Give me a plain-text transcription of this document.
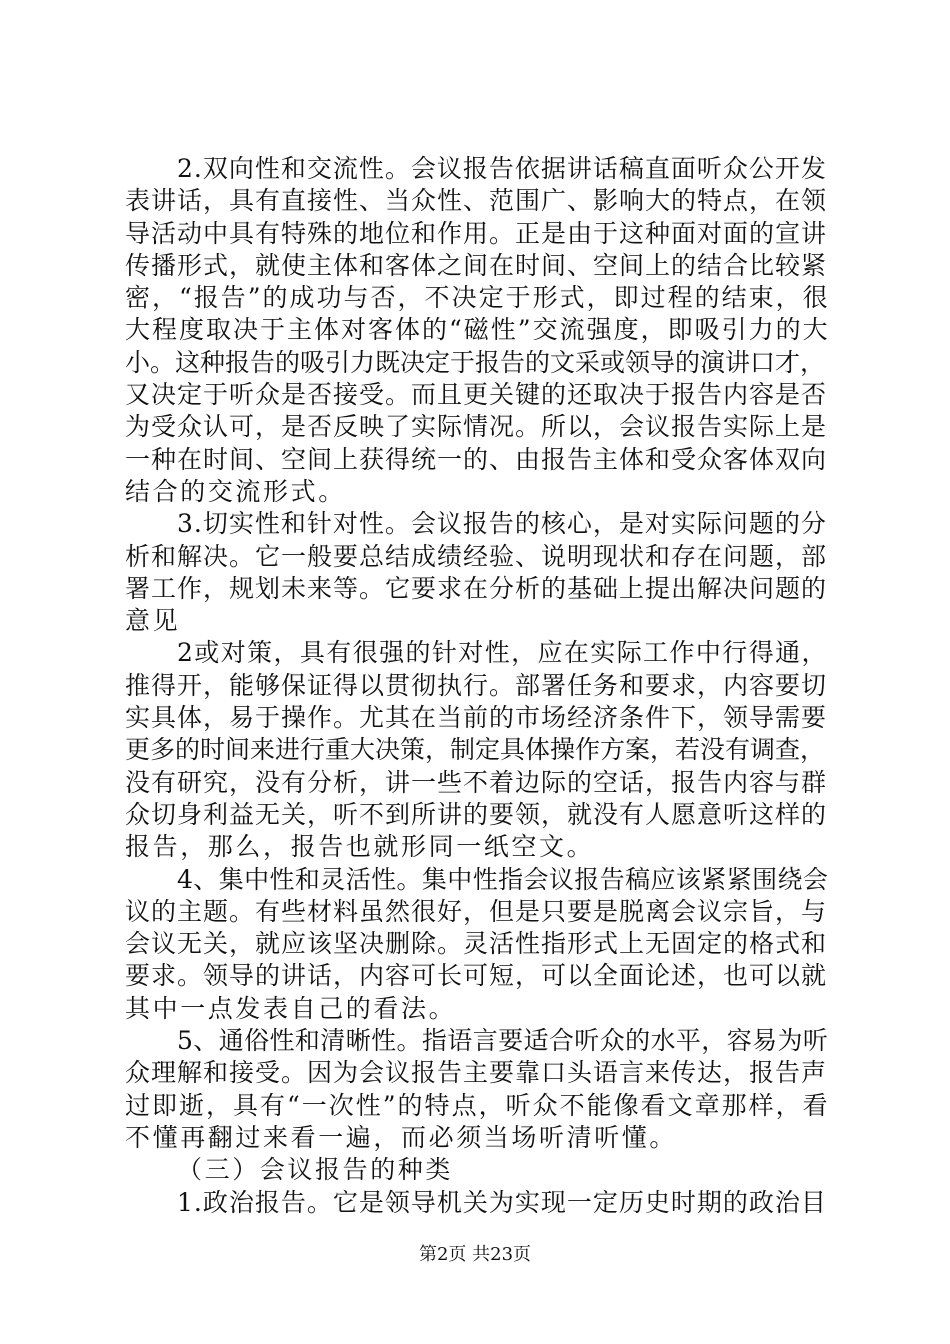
2.双向性和交流性。会议报告依据讲话稿直面听众公开发
表讲话，具有直接性、当众性、范围广、影响大的特点，在领
导活动中具有特殊的地位和作用。正是由于这种面对面的宣讲
传播形式，就使主体和客体之间在时间、空间上的结合比较紧
密，“报告”的成功与否，不决定于形式，即过程的结束，很
大程度取决于主体对客体的“磁性”交流强度，即吸引力的大
小。这种报告的吸引力既决定于报告的文采或领导的演讲口才，
又决定于听众是否接受。而且更关键的还取决于报告内容是否
为受众认可，是否反映了实际情况。所以，会议报告实际上是
一种在时间、空间上获得统一的、由报告主体和受众客体双向
结合的交流形式。
3.切实性和针对性。会议报告的核心，是对实际问题的分
析和解决。它一般要总结成绩经验、说明现状和存在问题，部
署工作，规划未来等。它要求在分析的基础上提出解决问题的
意见
2或对策，具有很强的针对性，应在实际工作中行得通，
推得开，能够保证得以贯彻执行。部署任务和要求，内容要切
实具体，易于操作。尤其在当前的市场经济条件下，领导需要
更多的时间来进行重大决策，制定具体操作方案，若没有调查，
没有研究，没有分析，讲一些不着边际的空话，报告内容与群
众切身利益无关，听不到所讲的要领，就没有人愿意听这样的
报告，那么，报告也就形同一纸空文。
4、集中性和灵活性。集中性指会议报告稿应该紧紧围绕会
议的主题。有些材料虽然很好，但是只要是脱离会议宗旨，与
会议无关，就应该坚决删除。灵活性指形式上无固定的格式和
要求。领导的讲话，内容可长可短，可以全面论述，也可以就
其中一点发表自己的看法。
5、通俗性和清晰性。指语言要适合听众的水平，容易为听
众理解和接受。因为会议报告主要靠口头语言来传达，报告声
过即逝，具有“一次性”的特点，听众不能像看文章那样，看
不懂再翻过来看一遍，而必须当场听清听懂。
（三）会议报告的种类
1.政治报告。它是领导机关为实现一定历史时期的政治目
第2页 共23页
